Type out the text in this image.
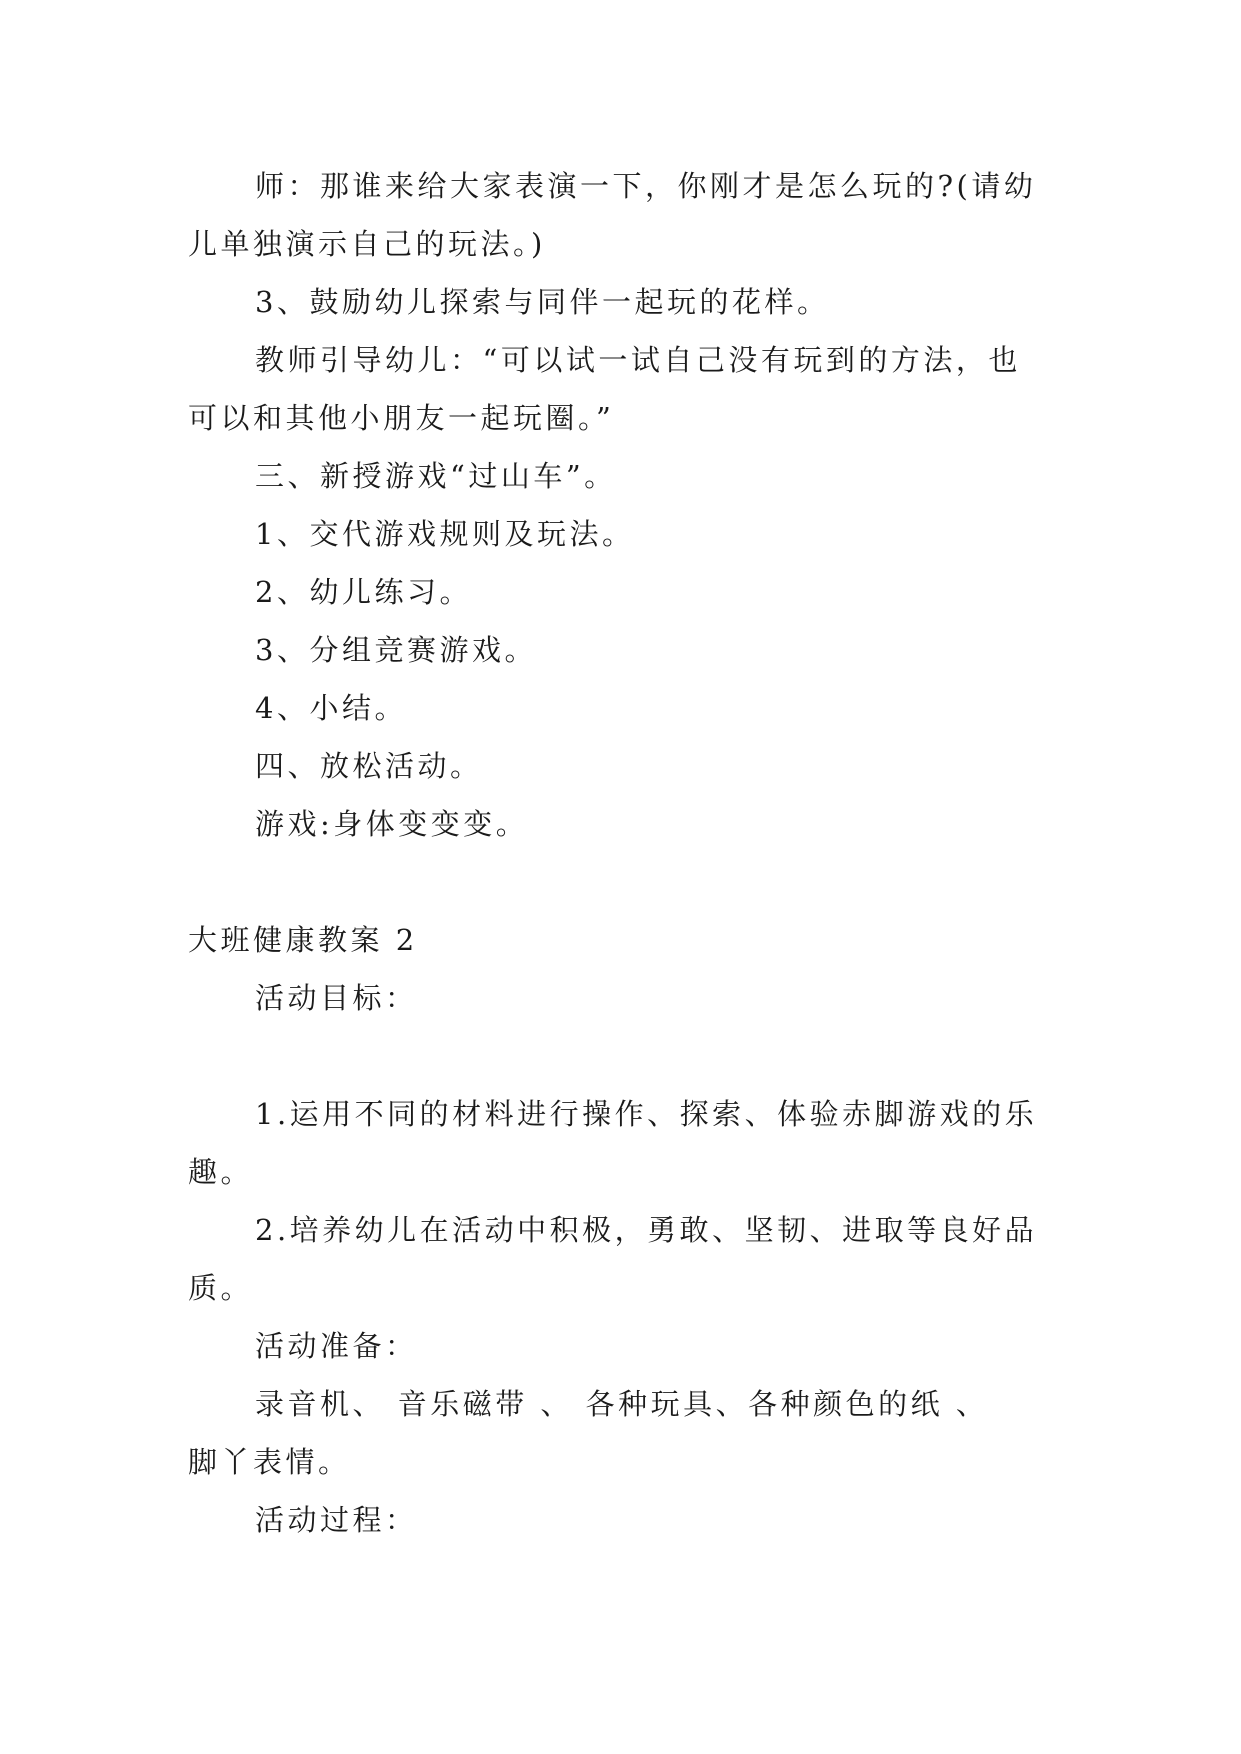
师：那谁来给大家表演一下，你刚才是怎么玩的?(请幼
儿单独演示自己的玩法。)
3、鼓励幼儿探索与同伴一起玩的花样。
教师引导幼儿：“可以试一试自己没有玩到的方法，也
可以和其他小朋友一起玩圈。”
三、新授游戏“过山车”。
1、交代游戏规则及玩法。
2、幼儿练习。
3、分组竞赛游戏。
4、小结。
四、放松活动。
游戏:身体变变变。
大班健康教案 2
活动目标：
1.运用不同的材料进行操作、探索、体验赤脚游戏的乐
趣。
2.培养幼儿在活动中积极，勇敢、坚韧、进取等良好品
质。
活动准备：
录音机、 音乐磁带 、 各种玩具、各种颜色的纸 、
脚丫表情。
活动过程：
